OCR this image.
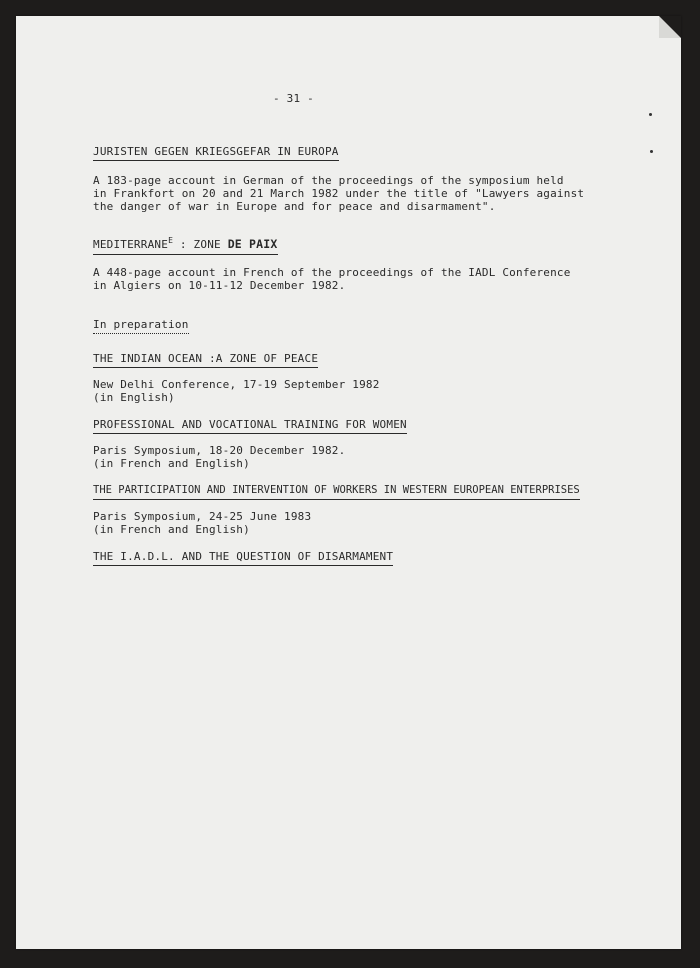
- 31 -
JURISTEN GEGEN KRIEGSGEFAR IN EUROPA
A 183-page account in German of the proceedings of the symposium held
in Frankfort on 20 and 21 March 1982 under the title of "Lawyers against
the danger of war in Europe and for peace and disarmament".
$MEDITERRANE^E$ : ZONE DE PAIX
A 448-page account in French of the proceedings of the IADL Conference
in Algiers on 10-11-12 December 1982.
In preparation
THE INDIAN OCEAN :A ZONE OF PEACE
New Delhi Conference, 17-19 September 1982
(in English)
PROFESSIONAL AND VOCATIONAL TRAINING FOR WOMEN
Paris Symposium, 18-20 December 1982.
(in French and English)
THE PARTICIPATION AND INTERVENTION OF WORKERS IN WESTERN EUROPEAN ENTERPRISES
Paris Symposium, 24-25 June 1983
(in French and English)
THE I.A.D.L. AND THE QUESTION OF DISARMAMENT
